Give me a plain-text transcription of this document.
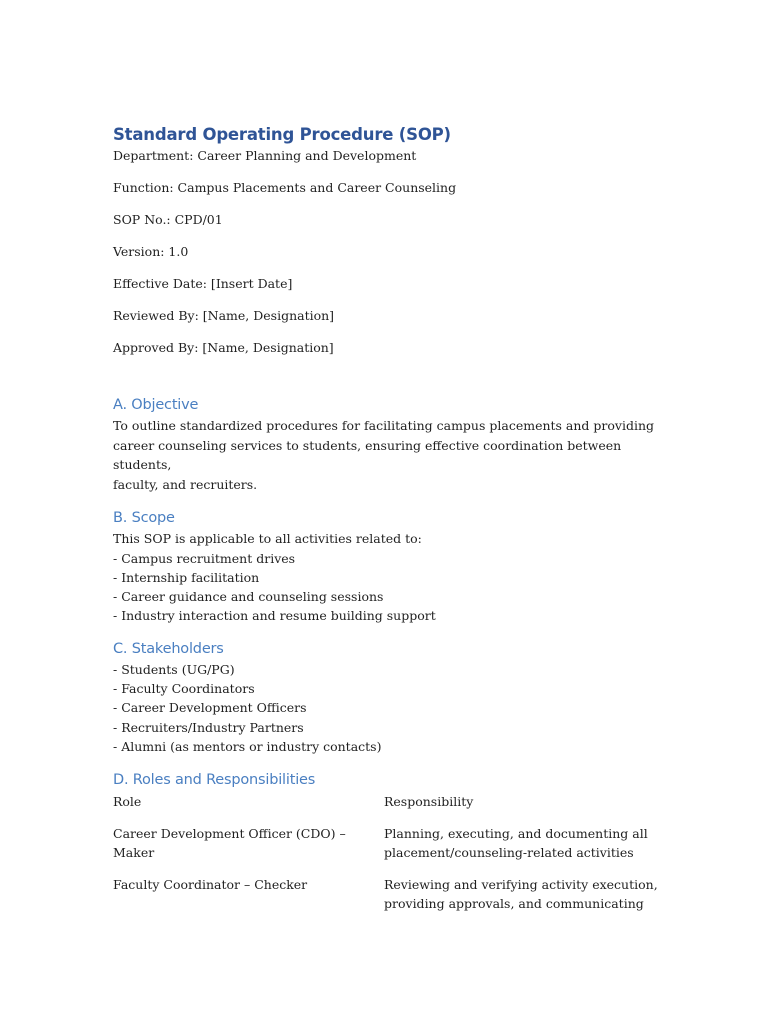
Standard Operating Procedure (SOP)

Department: Career Planning and Development

Function: Campus Placements and Career Counseling

SOP No.: CPD/01

Version: 1.0

Effective Date: [Insert Date]

Reviewed By: [Name, Designation]

Approved By: [Name, Designation]

A. Objective
To outline standardized procedures for facilitating campus placements and providing
career counseling services to students, ensuring effective coordination between students,
faculty, and recruiters.
B. Scope

This SOP is applicable to all activities related to:

- Campus recruitment drives
- Internship facilitation
- Career guidance and counseling sessions
- Industry interaction and resume building support
C. Stakeholders
- Students (UG/PG)
- Faculty Coordinators
- Career Development Officers
- Recruiters/Industry Partners
- Alumni (as mentors or industry contacts)
D. Roles and Responsibilities
Role	Responsibility
Career Development Officer (CDO) – Maker
Planning, executing, and documenting all
placement/counseling-related activities
Faculty Coordinator – Checker	Reviewing and verifying activity execution,
providing approvals, and communicating
